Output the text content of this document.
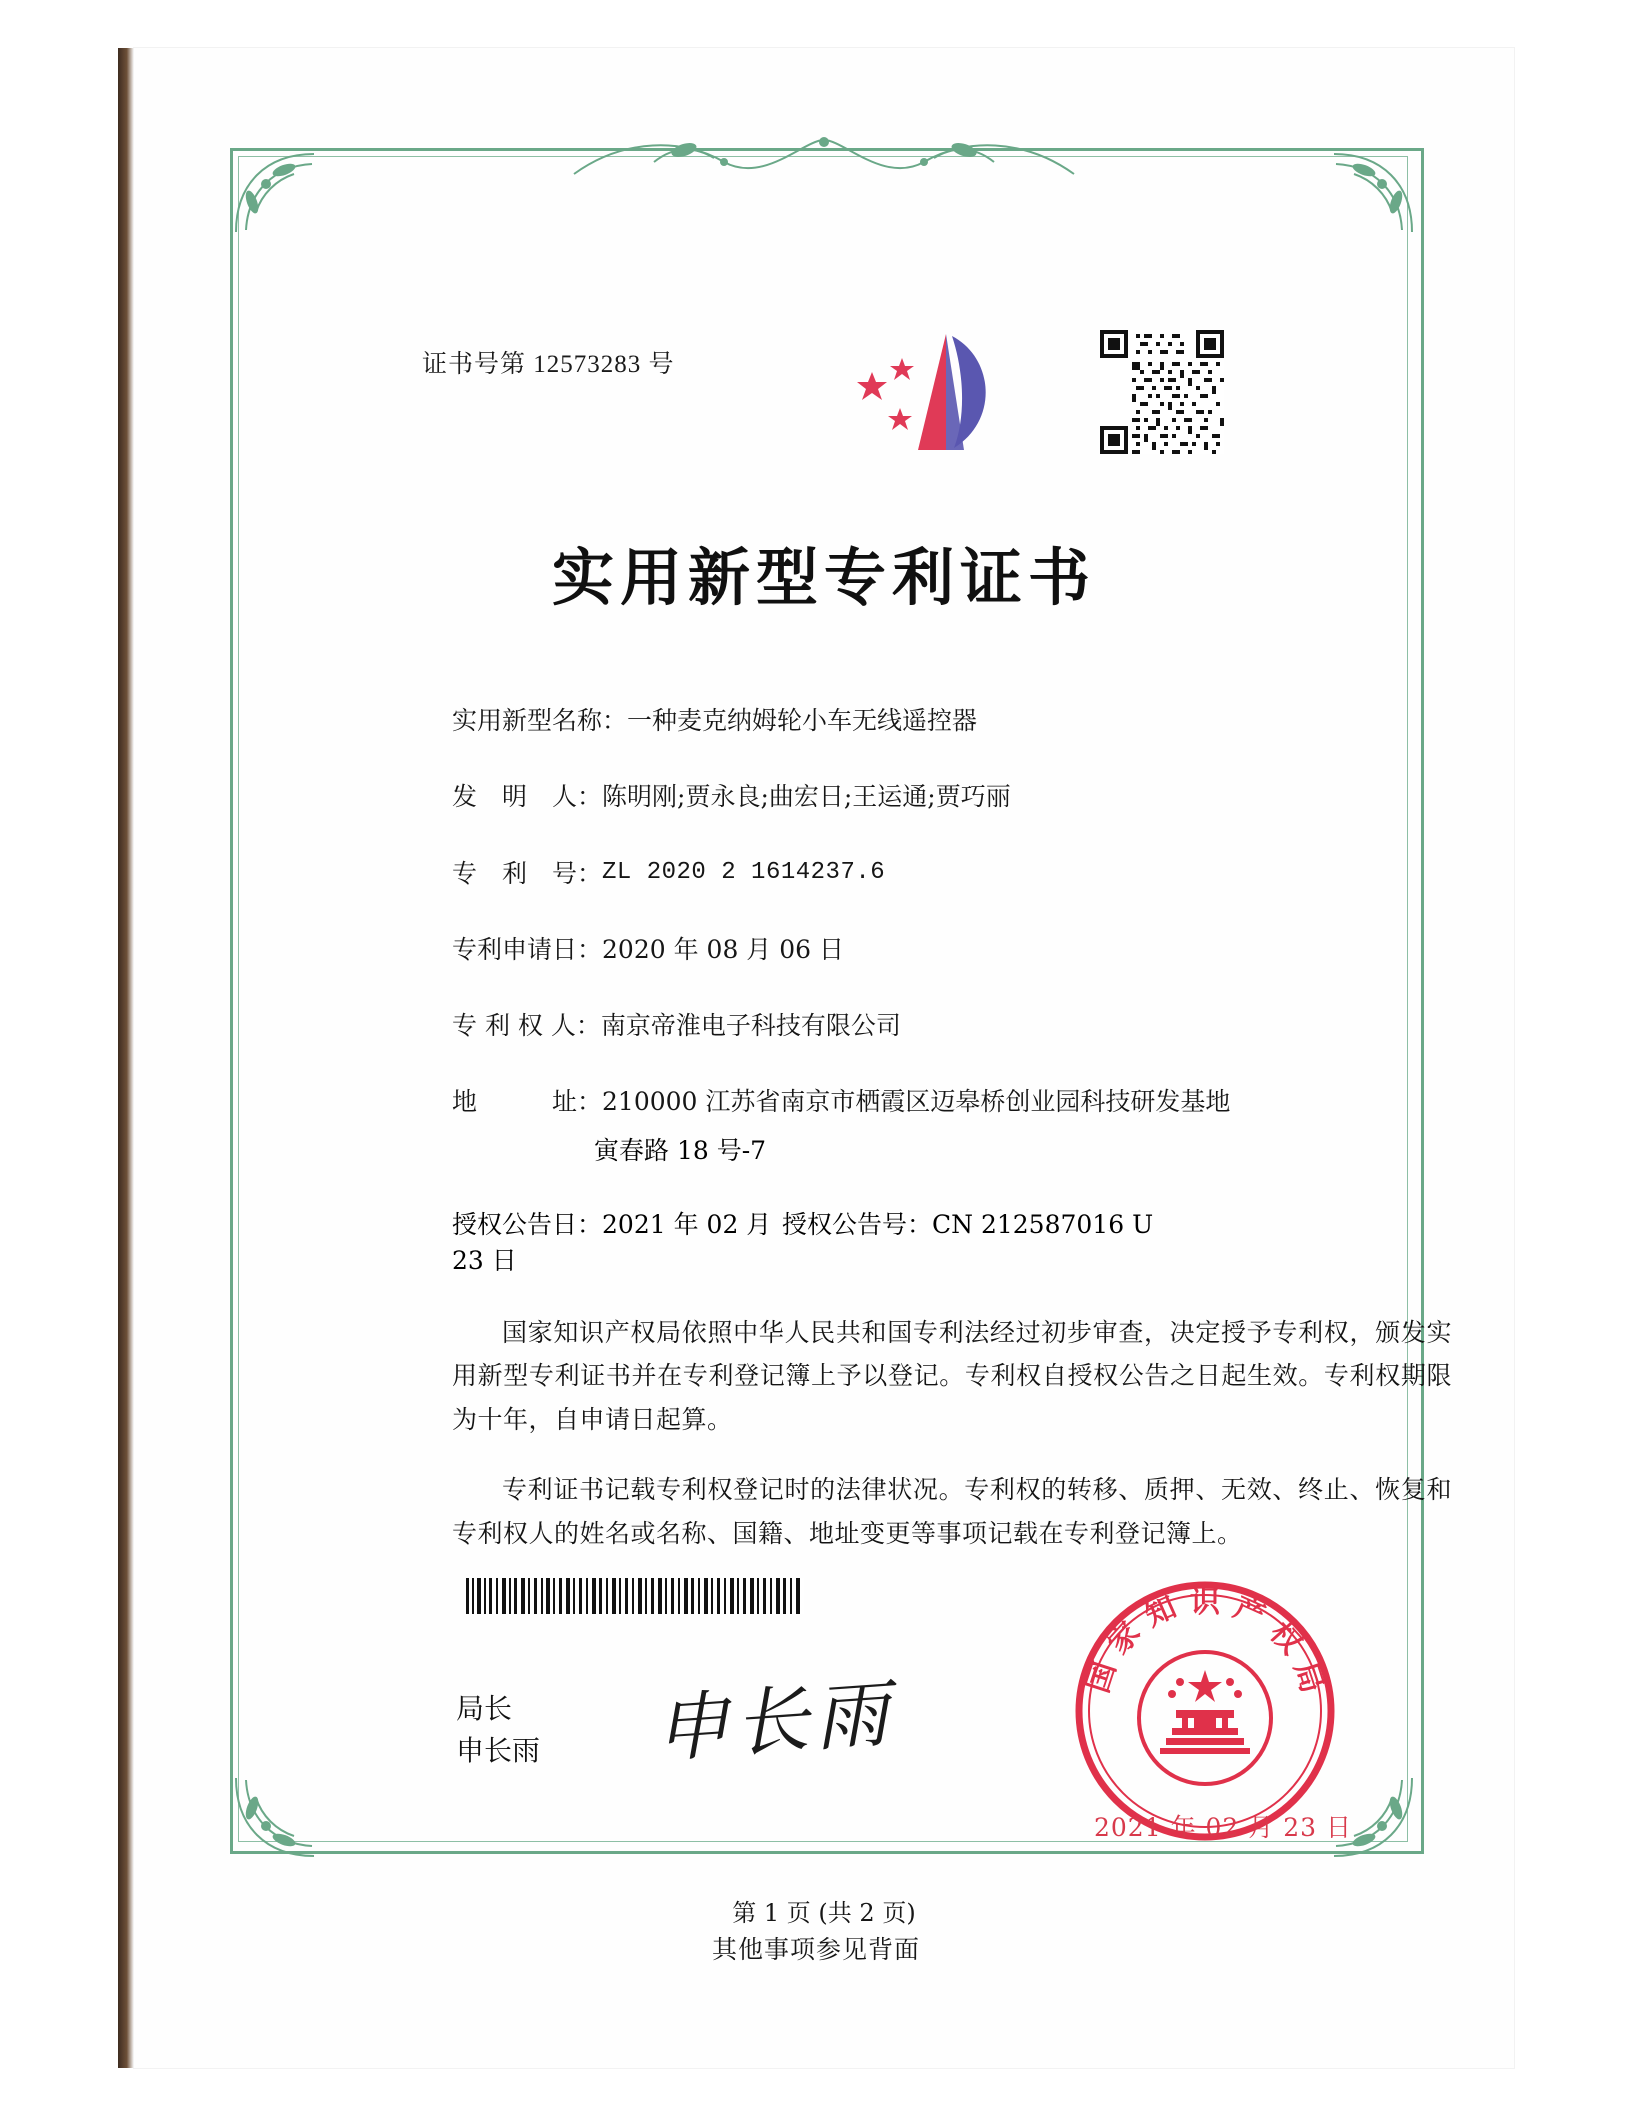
证书号第 12573283 号
实用新型专利证书
实用新型名称： 一种麦克纳姆轮小车无线遥控器
发　明　人： 陈明刚;贾永良;曲宏日;王运通;贾巧丽
专　利　号： ZL 2020 2 1614237.6
专利申请日： 2020 年 08 月 06 日
专 利 权 人： 南京帝淮电子科技有限公司
地　　　址： 210000 江苏省南京市栖霞区迈皋桥创业园科技研发基地
寅春路 18 号-7
授权公告日：2021 年 02 月 23 日
授权公告号：CN 212587016 U
国家知识产权局依照中华人民共和国专利法经过初步审查，决定授予专利权，颁发实用新型专利证书并在专利登记簿上予以登记。专利权自授权公告之日起生效。专利权期限为十年，自申请日起算。
专利证书记载专利权登记时的法律状况。专利权的转移、质押、无效、终止、恢复和专利权人的姓名或名称、国籍、地址变更等事项记载在专利登记簿上。
局长
申长雨 申长雨	国
家
知 识 产
权
局
2021 年 02 月 23 日
第 1 页 (共 2 页)
其他事项参见背面
